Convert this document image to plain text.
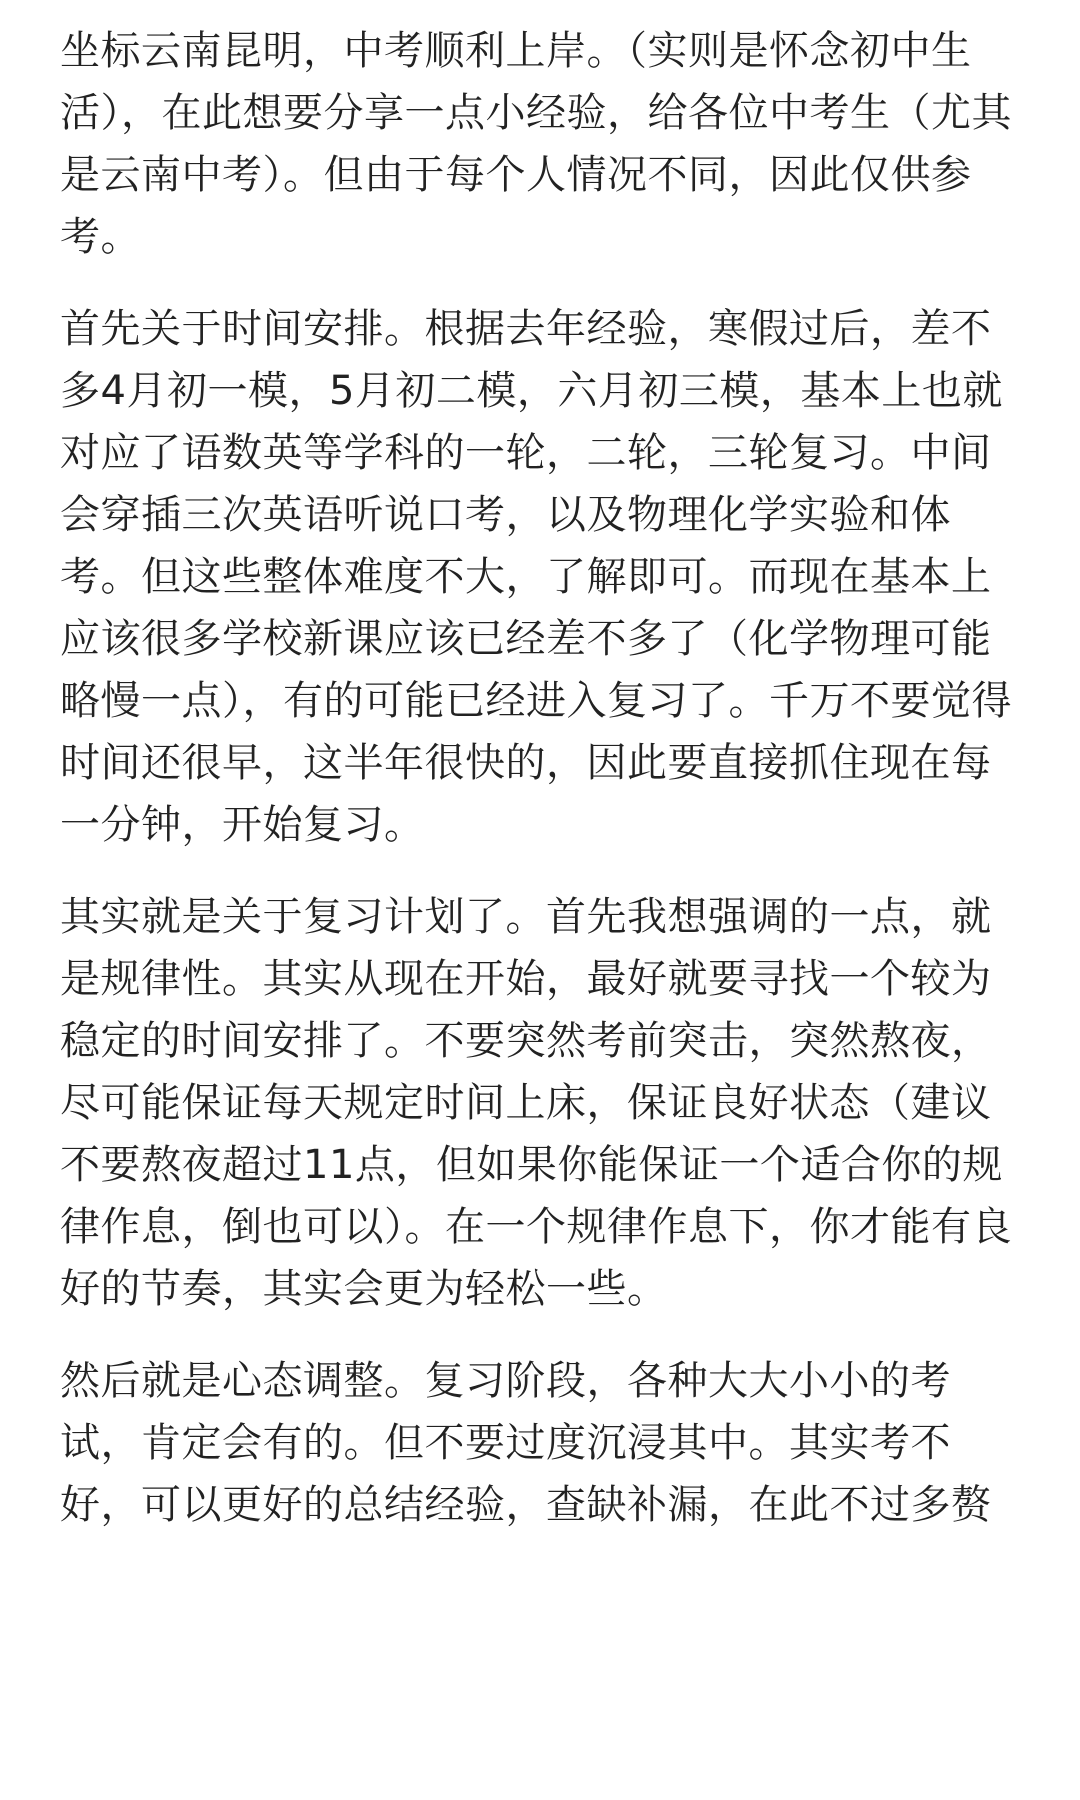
坐标云南昆明，中考顺利上岸。（实则是怀念初中生
活），在此想要分享一点小经验，给各位中考生（尤其
是云南中考）。但由于每个人情况不同，因此仅供参
考。
首先关于时间安排。根据去年经验，寒假过后，差不
多4月初一模，5月初二模，六月初三模，基本上也就
对应了语数英等学科的一轮，二轮，三轮复习。中间
会穿插三次英语听说口考，以及物理化学实验和体
考。但这些整体难度不大，了解即可。而现在基本上
应该很多学校新课应该已经差不多了（化学物理可能
略慢一点），有的可能已经进入复习了。千万不要觉得
时间还很早，这半年很快的，因此要直接抓住现在每
一分钟，开始复习。
其实就是关于复习计划了。首先我想强调的一点，就
是规律性。其实从现在开始，最好就要寻找一个较为
稳定的时间安排了。不要突然考前突击，突然熬夜，
尽可能保证每天规定时间上床，保证良好状态（建议
不要熬夜超过11点，但如果你能保证一个适合你的规
律作息，倒也可以）。在一个规律作息下，你才能有良
好的节奏，其实会更为轻松一些。
然后就是心态调整。复习阶段，各种大大小小的考
试，肯定会有的。但不要过度沉浸其中。其实考不
好，可以更好的总结经验，查缺补漏，在此不过多赘
